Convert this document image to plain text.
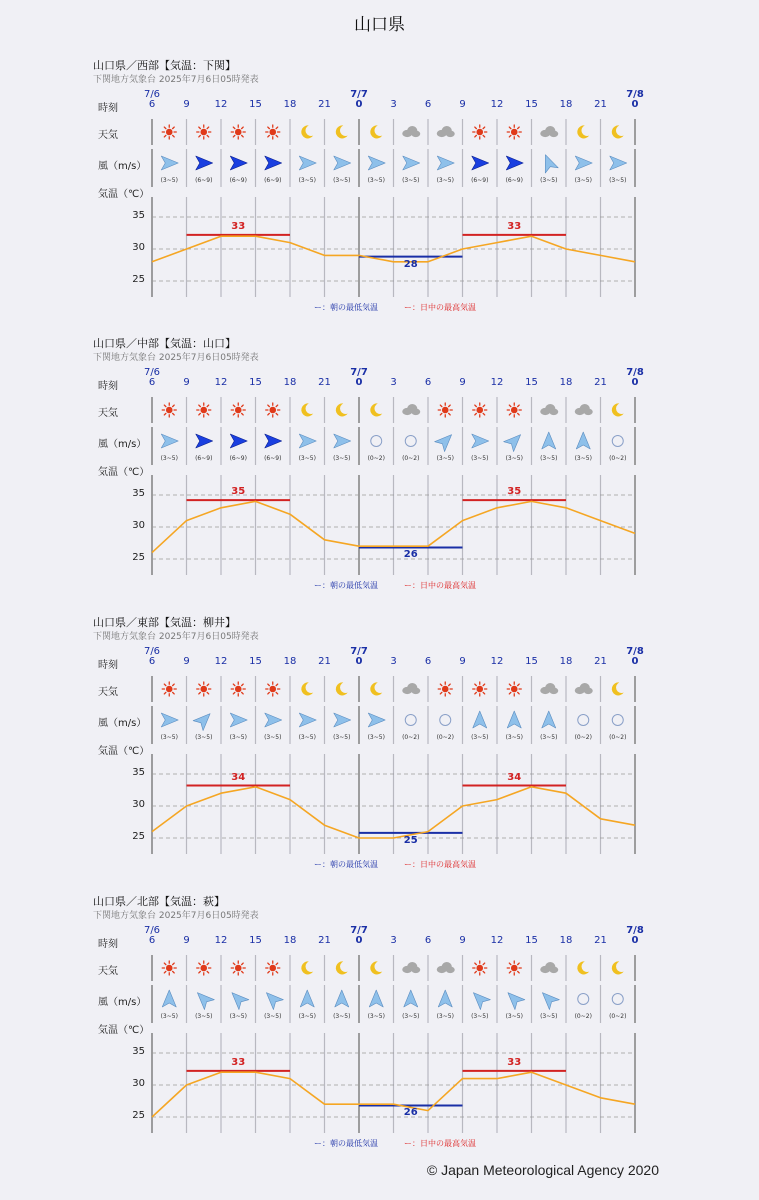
山口県
山口県／西部【気温：下関】
下関地方気象台 2025年7月6日05時発表
時刻
天気
風（m/s）
気温（℃）
7/6	7/7	7/8
6	9 12 15 18 21 0	3	6	9 12 15 18 21 0
25
30
35
(3~5)	(6~9)	(6~9)	(6~9)	(3~5)	(3~5)	(3~5)	(3~5)	(3~5)	(6~9)	(6~9)	(3~5)	(3~5)	(3~5)
33	33
28
ー：朝の最低気温	ー：日中の最高気温
山口県／中部【気温：山口】
下関地方気象台 2025年7月6日05時発表
時刻
天気
風（m/s）
気温（℃）
7/6	7/7	7/8
6	9 12 15 18 21 0	3	6	9 12 15 18 21 0
25
30
35
(3~5)	(6~9)	(6~9)	(6~9)	(3~5)	(3~5)	(0~2)	(0~2)	(3~5)	(3~5)	(3~5)	(3~5)	(3~5)	(0~2)
35	35
26
ー：朝の最低気温	ー：日中の最高気温
山口県／東部【気温：柳井】
下関地方気象台 2025年7月6日05時発表
時刻
天気
風（m/s）
気温（℃）
7/6	7/7	7/8
6	9 12 15 18 21 0	3	6	9 12 15 18 21 0
25
30
35
(3~5)	(3~5)	(3~5)	(3~5)	(3~5)	(3~5)	(3~5)	(0~2)	(0~2)	(3~5)	(3~5)	(3~5)	(0~2)	(0~2)
34	34
25
ー：朝の最低気温	ー：日中の最高気温
山口県／北部【気温：萩】
下関地方気象台 2025年7月6日05時発表
時刻
天気
風（m/s）
気温（℃）
7/6	7/7	7/8
6	9 12 15 18 21 0	3	6	9 12 15 18 21 0
25
30
35
(3~5)	(3~5)	(3~5)	(3~5)	(3~5)	(3~5)	(3~5)	(3~5)	(3~5)	(3~5)	(3~5)	(3~5)	(0~2)	(0~2)
33	33
26
ー：朝の最低気温	ー：日中の最高気温
© Japan Meteorological Agency 2020
